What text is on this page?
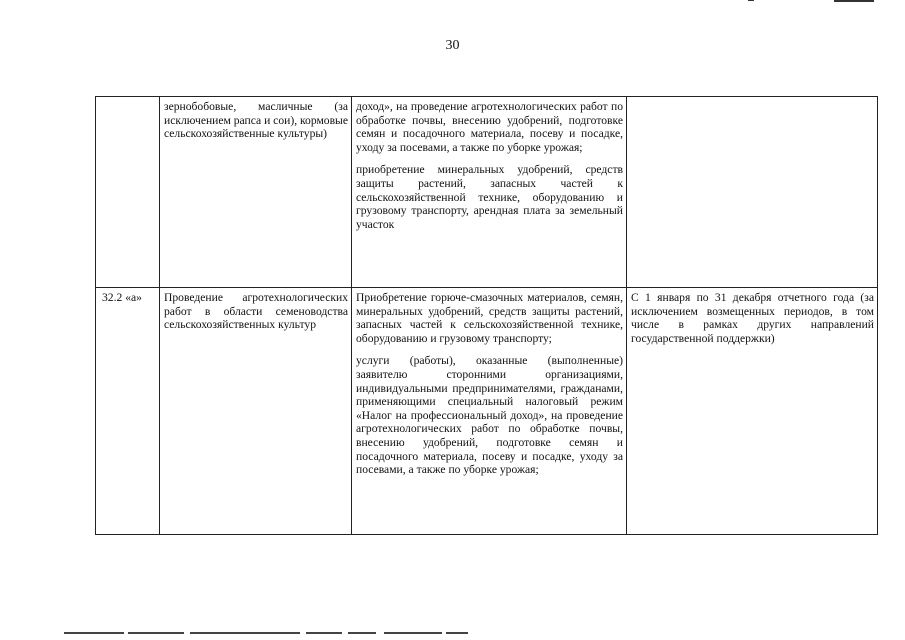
30
	зернобобовые, масличные (за исключением рапса и сои), кормовые сельскохозяйственные культуры)	доход», на проведение агротехнологических работ по обработке почвы, внесению удобрений, подготовке семян и посадочного материала, посеву и посадке, уходу за посевами, а также по уборке урожая;

приобретение минеральных удобрений, средств защиты растений, запасных частей к сельскохозяйственной технике, оборудованию и грузовому транспорту, арендная плата за земельный участок	

32.2 «а»	Проведение агротехнологических работ в области семеноводства сельскохозяйственных культур	Приобретение горюче-смазочных материалов, семян, минеральных удобрений, средств защиты растений, запасных частей к сельскохозяйственной технике, оборудованию и грузовому транспорту;

услуги (работы), оказанные (выполненные) заявителю сторонними организациями, индивидуальными предпринимателями, гражданами, применяющими специальный налоговый режим «Налог на профессиональный доход», на проведение агротехнологических работ по обработке почвы, внесению удобрений, подготовке семян и посадочного материала, посеву и посадке, уходу за посевами, а также по уборке урожая;	С 1 января по 31 декабря отчетного года (за исключением возмещенных периодов, в том числе в рамках других направлений государственной поддержки)
